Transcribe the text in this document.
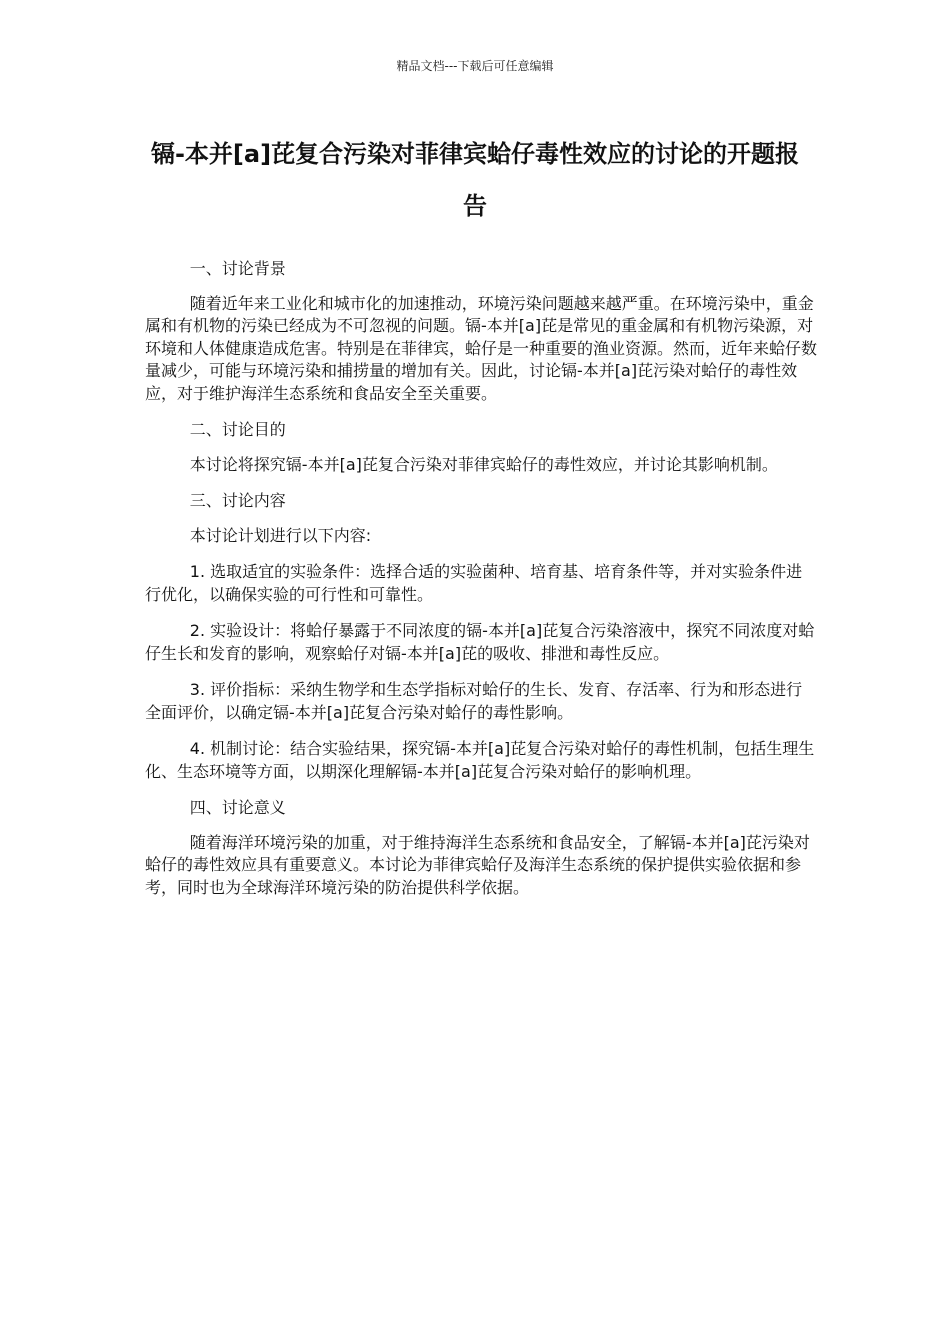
精品文档---下载后可任意编辑
镉-本并[a]芘复合污染对菲律宾蛤仔毒性效应的讨论的开题报告

一、讨论背景

随着近年来工业化和城市化的加速推动，环境污染问题越来越严重。在环境污染中，重金属和有机物的污染已经成为不可忽视的问题。镉-本并[a]芘是常见的重金属和有机物污染源，对环境和人体健康造成危害。特别是在菲律宾，蛤仔是一种重要的渔业资源。然而，近年来蛤仔数量减少，可能与环境污染和捕捞量的增加有关。因此，讨论镉-本并[a]芘污染对蛤仔的毒性效应，对于维护海洋生态系统和食品安全至关重要。

二、讨论目的

本讨论将探究镉-本并[a]芘复合污染对菲律宾蛤仔的毒性效应，并讨论其影响机制。

三、讨论内容

本讨论计划进行以下内容:

1. 选取适宜的实验条件：选择合适的实验菌种、培育基、培育条件等，并对实验条件进行优化，以确保实验的可行性和可靠性。

2. 实验设计：将蛤仔暴露于不同浓度的镉-本并[a]芘复合污染溶液中，探究不同浓度对蛤仔生长和发育的影响，观察蛤仔对镉-本并[a]芘的吸收、排泄和毒性反应。

3. 评价指标：采纳生物学和生态学指标对蛤仔的生长、发育、存活率、行为和形态进行全面评价，以确定镉-本并[a]芘复合污染对蛤仔的毒性影响。

4. 机制讨论：结合实验结果，探究镉-本并[a]芘复合污染对蛤仔的毒性机制，包括生理生化、生态环境等方面，以期深化理解镉-本并[a]芘复合污染对蛤仔的影响机理。

四、讨论意义

随着海洋环境污染的加重，对于维持海洋生态系统和食品安全，了解镉-本并[a]芘污染对蛤仔的毒性效应具有重要意义。本讨论为菲律宾蛤仔及海洋生态系统的保护提供实验依据和参考，同时也为全球海洋环境污染的防治提供科学依据。
